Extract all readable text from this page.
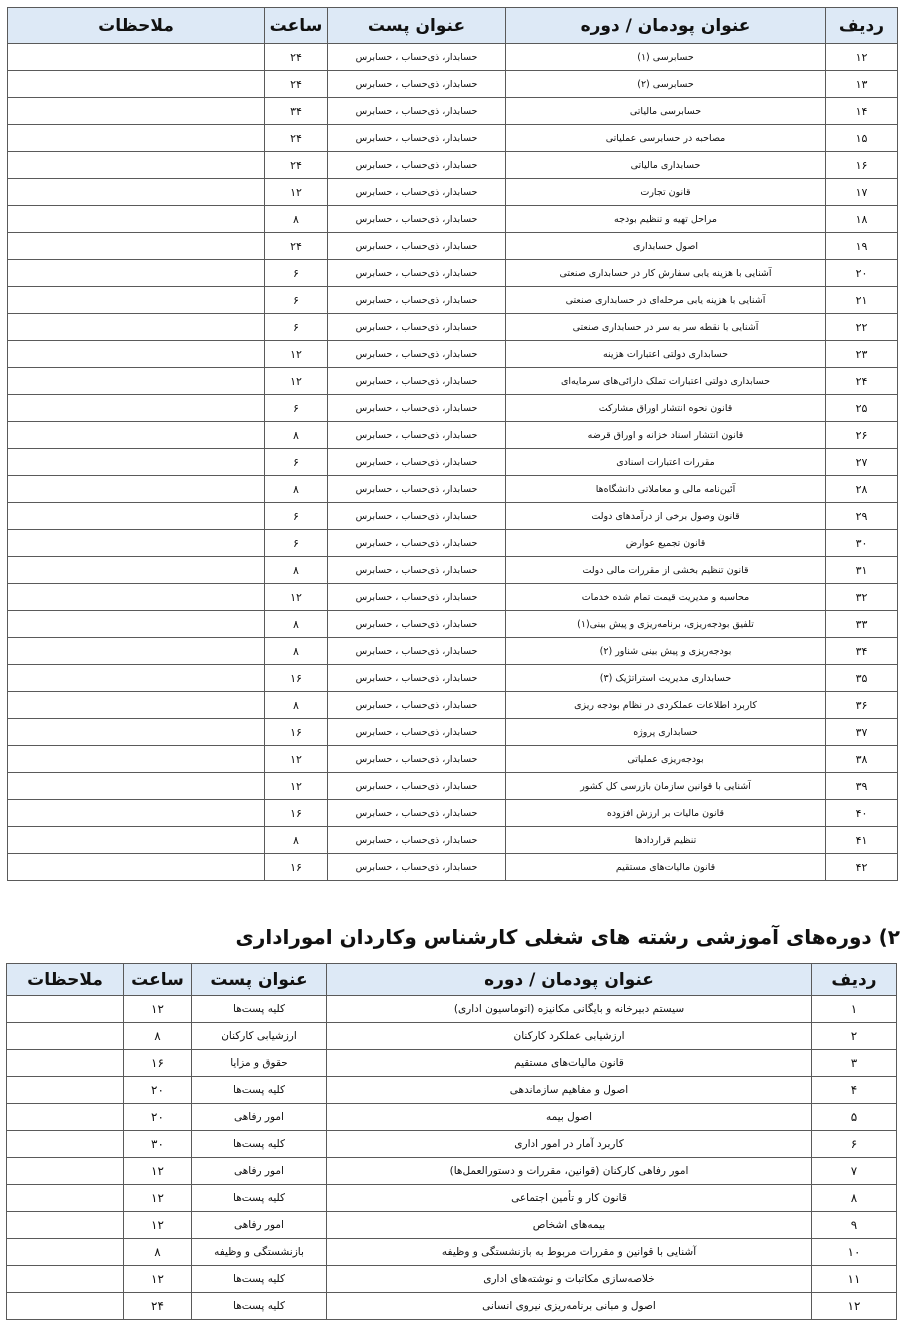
ردیف	عنوان پودمان / دوره	عنوان پست	ساعت	ملاحظات
۱۲	حسابرسی (۱)	حسابدار، ذی‌حساب ، حسابرس	۲۴	
۱۳	حسابرسی (۲)	حسابدار، ذی‌حساب ، حسابرس	۲۴	
۱۴	حسابرسی مالیاتی	حسابدار، ذی‌حساب ، حسابرس	۳۴	
۱۵	مصاحبه در حسابرسی عملیاتی	حسابدار، ذی‌حساب ، حسابرس	۲۴	
۱۶	حسابداری مالیاتی	حسابدار، ذی‌حساب ، حسابرس	۲۴	
۱۷	قانون تجارت	حسابدار، ذی‌حساب ، حسابرس	۱۲	
۱۸	مراحل تهیه و تنظیم بودجه	حسابدار، ذی‌حساب ، حسابرس	۸	
۱۹	اصول حسابداری	حسابدار، ذی‌حساب ، حسابرس	۲۴	
۲۰	آشنایی با هزینه یابی سفارش کار در حسابداری صنعتی	حسابدار، ذی‌حساب ، حسابرس	۶	
۲۱	آشنایی با هزینه یابی مرحله‌ای در حسابداری صنعتی	حسابدار، ذی‌حساب ، حسابرس	۶	
۲۲	آشنایی با نقطه سر به سر در حسابداری صنعتی	حسابدار، ذی‌حساب ، حسابرس	۶	
۲۳	حسابداری دولتی اعتبارات هزینه	حسابدار، ذی‌حساب ، حسابرس	۱۲	
۲۴	حسابداری دولتی اعتبارات تملک دارائی‌های سرمایه‌ای	حسابدار، ذی‌حساب ، حسابرس	۱۲	
۲۵	قانون نحوه انتشار اوراق مشارکت	حسابدار، ذی‌حساب ، حسابرس	۶	
۲۶	قانون انتشار اسناد خزانه و اوراق قرضه	حسابدار، ذی‌حساب ، حسابرس	۸	
۲۷	مقررات اعتبارات اسنادی	حسابدار، ذی‌حساب ، حسابرس	۶	
۲۸	آئین‌نامه مالی و معاملاتی دانشگاه‌ها	حسابدار، ذی‌حساب ، حسابرس	۸	
۲۹	قانون وصول برخی از درآمدهای دولت	حسابدار، ذی‌حساب ، حسابرس	۶	
۳۰	قانون تجمیع عوارض	حسابدار، ذی‌حساب ، حسابرس	۶	
۳۱	قانون تنظیم بخشی از مقررات مالی دولت	حسابدار، ذی‌حساب ، حسابرس	۸	
۳۲	محاسبه و مدیریت قیمت تمام شده خدمات	حسابدار، ذی‌حساب ، حسابرس	۱۲	
۳۳	تلفیق بودجه‌ریزی، برنامه‌ریزی و پیش بینی(۱)	حسابدار، ذی‌حساب ، حسابرس	۸	
۳۴	بودجه‌ریزی و پیش بینی شناور (۲)	حسابدار، ذی‌حساب ، حسابرس	۸	
۳۵	حسابداری مدیریت استراتژیک (۳)	حسابدار، ذی‌حساب ، حسابرس	۱۶	
۳۶	کاربرد اطلاعات عملکردی در نظام بودجه ریزی	حسابدار، ذی‌حساب ، حسابرس	۸	
۳۷	حسابداری پروژه	حسابدار، ذی‌حساب ، حسابرس	۱۶	
۳۸	بودجه‌ریزی عملیاتی	حسابدار، ذی‌حساب ، حسابرس	۱۲	
۳۹	آشنایی با قوانین سازمان بازرسی کل کشور	حسابدار، ذی‌حساب ، حسابرس	۱۲	
۴۰	قانون مالیات بر ارزش افزوده	حسابدار، ذی‌حساب ، حسابرس	۱۶	
۴۱	تنظیم قراردادها	حسابدار، ذی‌حساب ، حسابرس	۸	
۴۲	قانون مالیات‌های مستقیم	حسابدار، ذی‌حساب ، حسابرس	۱۶	
۲) دوره‌های آموزشی رشته های شغلی کارشناس وکاردان اموراداری
ردیف	عنوان پودمان / دوره	عنوان پست	ساعت	ملاحظات
۱	سیستم دبیرخانه و بایگانی مکانیزه (اتوماسیون اداری)	کلیه پست‌ها	۱۲	
۲	ارزشیابی عملکرد کارکنان	ارزشیابی کارکنان	۸	
۳	قانون مالیات‌های مستقیم	حقوق و مزایا	۱۶	
۴	اصول و مفاهیم سازماندهی	کلیه پست‌ها	۲۰	
۵	اصول بیمه	امور رفاهی	۲۰	
۶	کاربرد آمار در امور اداری	کلیه پست‌ها	۳۰	
۷	امور رفاهی کارکنان (قوانین، مقررات و دستورالعمل‌ها)	امور رفاهی	۱۲	
۸	قانون کار و تأمین اجتماعی	کلیه پست‌ها	۱۲	
۹	بیمه‌های اشخاص	امور رفاهی	۱۲	
۱۰	آشنایی با قوانین و مقررات مربوط به بازنشستگی و وظیفه	بازنشستگی و وظیفه	۸	
۱۱	خلاصه‌سازی مکاتبات و نوشته‌های اداری	کلیه پست‌ها	۱۲	
۱۲	اصول و مبانی برنامه‌ریزی نیروی انسانی	کلیه پست‌ها	۲۴	
